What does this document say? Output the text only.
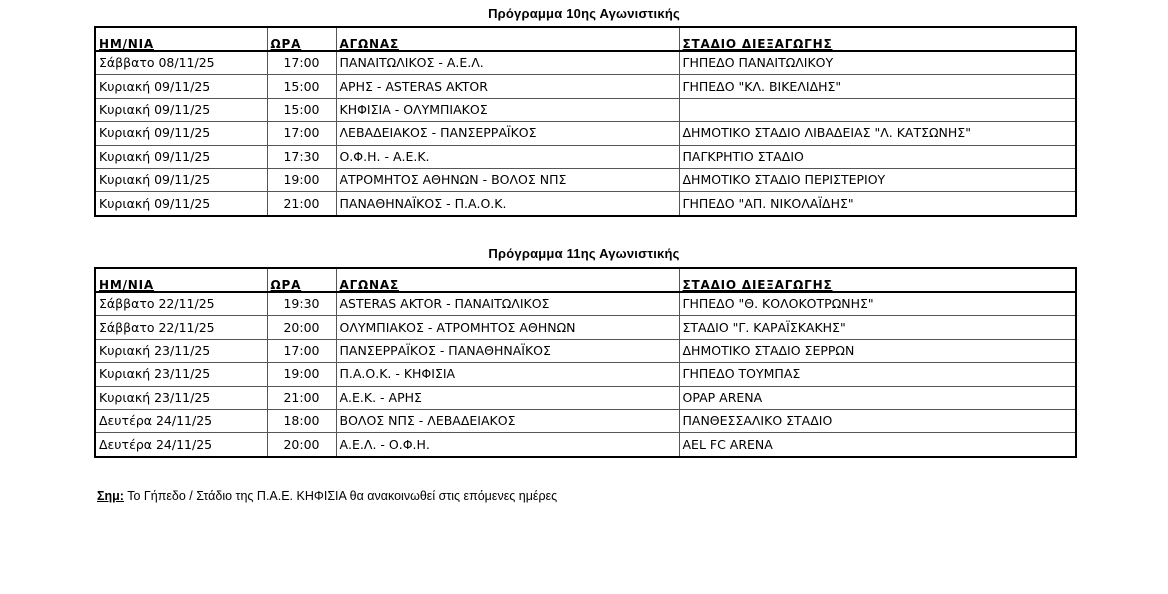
Πρόγραμμα 10ης Αγωνιστικής
ΗΜ/ΝΙΑ	ΩΡΑ	ΑΓΩΝΑΣ	ΣΤΑΔΙΟ ΔΙΕΞΑΓΩΓΗΣ
Σάββατο 08/11/25	17:00	ΠΑΝΑΙΤΩΛΙΚΟΣ - Α.Ε.Λ.	ΓΗΠΕΔΟ ΠΑΝΑΙΤΩΛΙΚΟΥ
Κυριακή 09/11/25	15:00	ΑΡΗΣ - ASTERAS AKTOR	ΓΗΠΕΔΟ "ΚΛ. ΒΙΚΕΛΙΔΗΣ"
Κυριακή 09/11/25	15:00	ΚΗΦΙΣΙΑ - ΟΛΥΜΠΙΑΚΟΣ	
Κυριακή 09/11/25	17:00	ΛΕΒΑΔΕΙΑΚΟΣ - ΠΑΝΣΕΡΡΑΪΚΟΣ	ΔΗΜΟΤΙΚΟ ΣΤΑΔΙΟ ΛΙΒΑΔΕΙΑΣ "Λ. ΚΑΤΣΩΝΗΣ"
Κυριακή 09/11/25	17:30	Ο.Φ.Η. - Α.Ε.Κ.	ΠΑΓΚΡΗΤΙΟ ΣΤΑΔΙΟ
Κυριακή 09/11/25	19:00	ΑΤΡΟΜΗΤΟΣ ΑΘΗΝΩΝ - ΒΟΛΟΣ ΝΠΣ	ΔΗΜΟΤΙΚΟ ΣΤΑΔΙΟ ΠΕΡΙΣΤΕΡΙΟΥ
Κυριακή 09/11/25	21:00	ΠΑΝΑΘΗΝΑΪΚΟΣ - Π.Α.Ο.Κ.	ΓΗΠΕΔΟ "ΑΠ. ΝΙΚΟΛΑΪΔΗΣ"
Πρόγραμμα 11ης Αγωνιστικής
ΗΜ/ΝΙΑ	ΩΡΑ	ΑΓΩΝΑΣ	ΣΤΑΔΙΟ ΔΙΕΞΑΓΩΓΗΣ
Σάββατο 22/11/25	19:30	ASTERAS AKTOR - ΠΑΝΑΙΤΩΛΙΚΟΣ	ΓΗΠΕΔΟ "Θ. ΚΟΛΟΚΟΤΡΩΝΗΣ"
Σάββατο 22/11/25	20:00	ΟΛΥΜΠΙΑΚΟΣ - ΑΤΡΟΜΗΤΟΣ ΑΘΗΝΩΝ	ΣΤΑΔΙΟ "Γ. ΚΑΡΑΪΣΚΑΚΗΣ"
Κυριακή 23/11/25	17:00	ΠΑΝΣΕΡΡΑΪΚΟΣ - ΠΑΝΑΘΗΝΑΪΚΟΣ	ΔΗΜΟΤΙΚΟ ΣΤΑΔΙΟ ΣΕΡΡΩΝ
Κυριακή 23/11/25	19:00	Π.Α.Ο.Κ. - ΚΗΦΙΣΙΑ	ΓΗΠΕΔΟ ΤΟΥΜΠΑΣ
Κυριακή 23/11/25	21:00	Α.Ε.Κ. - ΑΡΗΣ	OPAP ARENA
Δευτέρα 24/11/25	18:00	ΒΟΛΟΣ ΝΠΣ - ΛΕΒΑΔΕΙΑΚΟΣ	ΠΑΝΘΕΣΣΑΛΙΚΟ ΣΤΑΔΙΟ
Δευτέρα 24/11/25	20:00	Α.Ε.Λ. - Ο.Φ.Η.	AEL FC ARENA
Σημ: Το Γήπεδο / Στάδιο της Π.Α.Ε. ΚΗΦΙΣΙΑ θα ανακοινωθεί στις επόμενες ημέρες
